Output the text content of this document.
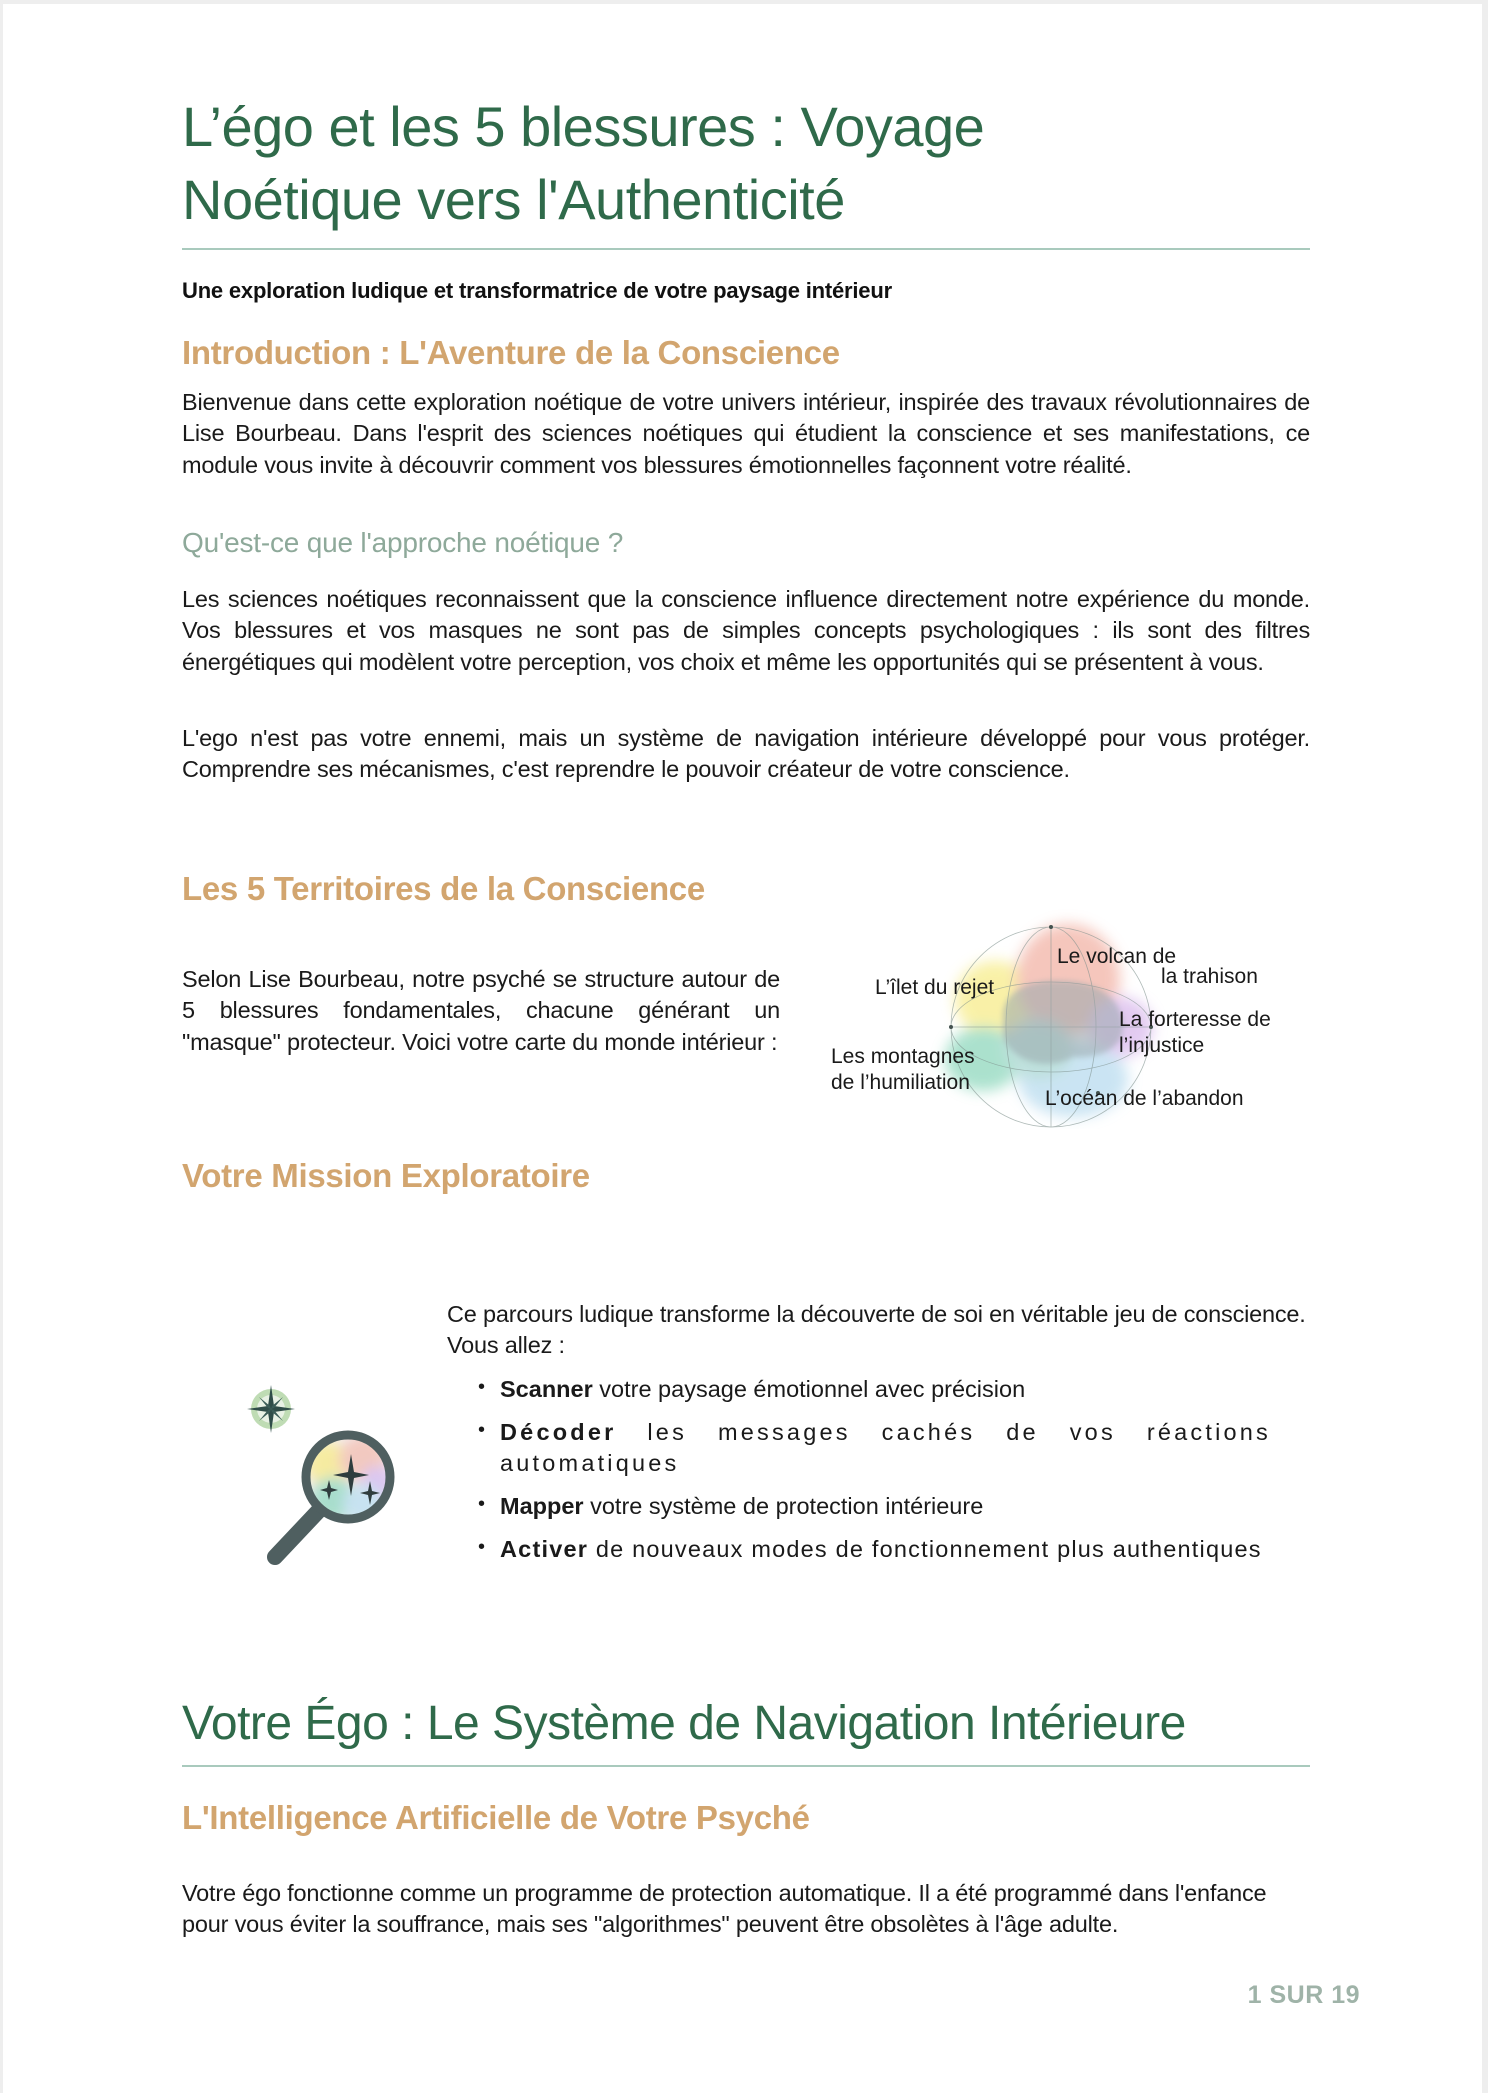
L’égo et les 5 blessures : Voyage
Noétique vers l'Authenticité

Une exploration ludique et transformatrice de votre paysage intérieur

Introduction : L'Aventure de la Conscience

Bienvenue dans cette exploration noétique de votre univers intérieur, inspirée des travaux révolutionnaires de Lise Bourbeau. Dans l'esprit des sciences noétiques qui étudient la conscience et ses manifestations, ce module vous invite à découvrir comment vos blessures émotionnelles façonnent votre réalité.

Qu'est-ce que l'approche noétique ?

Les sciences noétiques reconnaissent que la conscience influence directement notre expérience du monde. Vos blessures et vos masques ne sont pas de simples concepts psychologiques : ils sont des filtres énergétiques qui modèlent votre perception, vos choix et même les opportunités qui se présentent à vous.

L'ego n'est pas votre ennemi, mais un système de navigation intérieure développé pour vous protéger. Comprendre ses mécanismes, c'est reprendre le pouvoir créateur de votre conscience.

Les 5 Territoires de la Conscience

Selon Lise Bourbeau, notre psyché se structure autour de 5 blessures fondamentales, chacune générant un "masque" protecteur. Voici votre carte du monde intérieur :

Le volcan de
la trahison
L’îlet du rejet
La forteresse de
l’injustice
Les montagnes
de l’humiliation
L’océan de l’abandon
Votre Mission Exploratoire

Ce parcours ludique transforme la découverte de soi en véritable jeu de conscience. Vous allez :

• Scanner votre paysage émotionnel avec précision
• Décoder les messages cachés de vos réactions automatiques
• Mapper votre système de protection intérieure
• Activer de nouveaux modes de fonctionnement plus authentiques
Votre Égo : Le Système de Navigation Intérieure
L'Intelligence Artificielle de Votre Psyché

Votre égo fonctionne comme un programme de protection automatique. Il a été programmé dans l'enfance pour vous éviter la souffrance, mais ses "algorithmes" peuvent être obsolètes à l'âge adulte.

1 SUR 19
